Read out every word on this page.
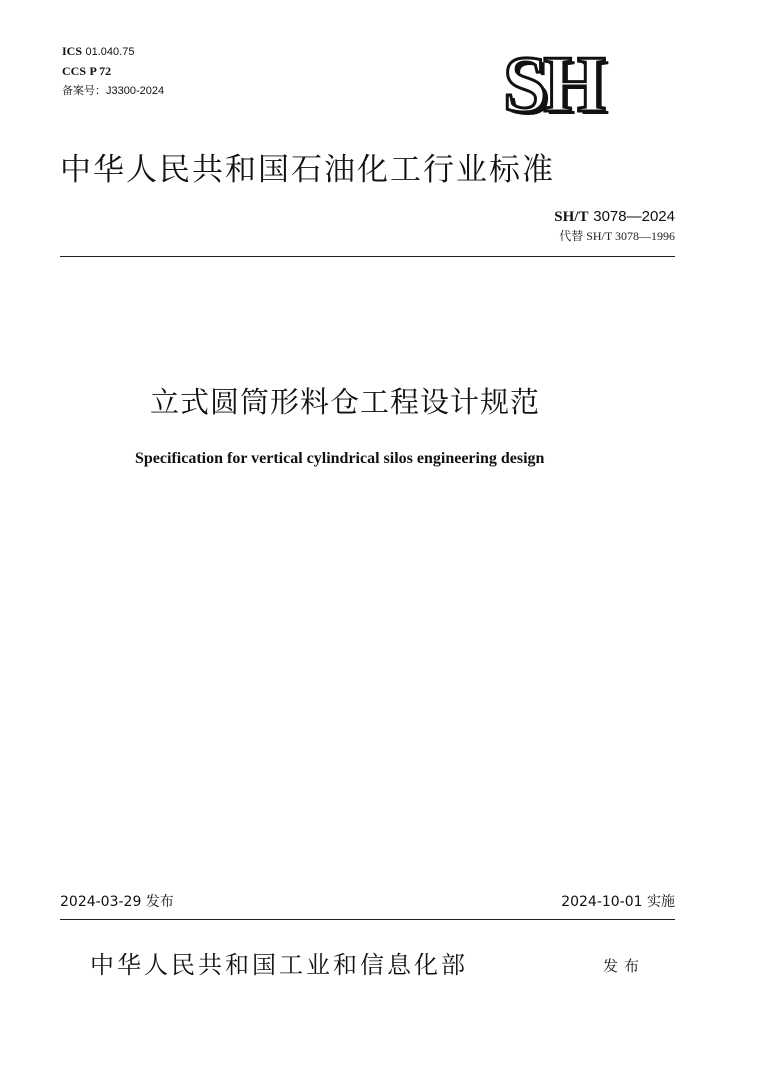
ICS 01.040.75
CCS P 72
备案号：J3300-2024	SH
中华人民共和国石油化工行业标准
SH/T 3078—2024
代替 SH/T 3078—1996
立式圆筒形料仓工程设计规范
Specification for vertical cylindrical silos engineering design
2024-03-29 发布	2024-10-01 实施
中华人民共和国工业和信息化部	发布
